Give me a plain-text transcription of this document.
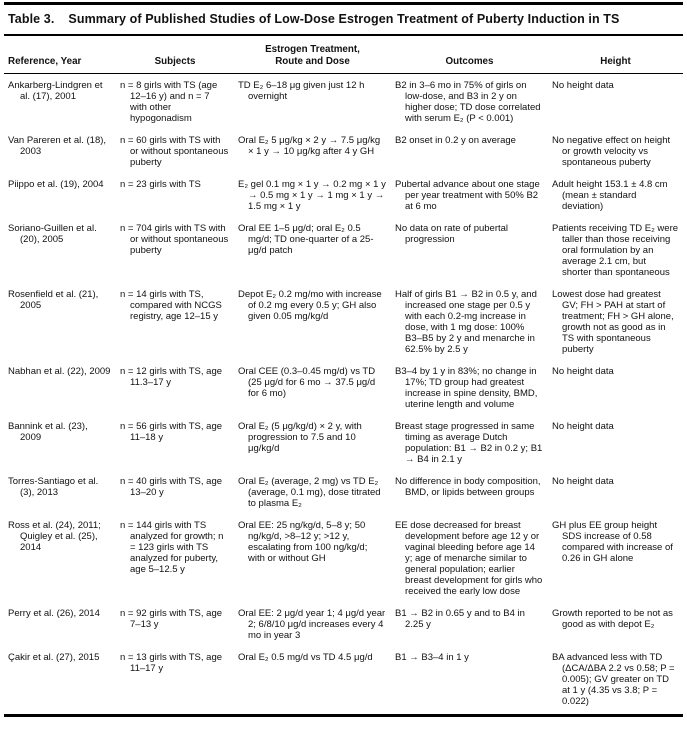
Table 3. Summary of Published Studies of Low-Dose Estrogen Treatment of Puberty Induction in TS
Reference, Year	Subjects	Estrogen Treatment, Route and Dose	Outcomes	Height
Ankarberg-Lindgren et al. (17), 2001	n = 8 girls with TS (age 12–16 y) and n = 7 with other hypogonadism	TD E₂ 6–18 μg given just 12 h overnight	B2 in 3–6 mo in 75% of girls on low-dose, and B3 in 2 y on higher dose; TD dose correlated with serum E₂ (P < 0.001)	No height data

Van Pareren et al. (18), 2003	n = 60 girls with TS with or without spontaneous puberty	Oral E₂ 5 μg/kg × 2 y → 7.5 μg/kg × 1 y → 10 μg/kg after 4 y GH	B2 onset in 0.2 y on average	No negative effect on height or growth velocity vs spontaneous puberty

Piippo et al. (19), 2004	n = 23 girls with TS	E₂ gel 0.1 mg × 1 y → 0.2 mg × 1 y → 0.5 mg × 1 y → 1 mg × 1 y → 1.5 mg × 1 y	Pubertal advance about one stage per year treatment with 50% B2 at 6 mo	Adult height 153.1 ± 4.8 cm (mean ± standard deviation)

Soriano-Guillen et al. (20), 2005	n = 704 girls with TS with or without spontaneous puberty	Oral EE 1–5 μg/d; oral E₂ 0.5 mg/d; TD one-quarter of a 25-μg/d patch	No data on rate of pubertal progression	Patients receiving TD E₂ were taller than those receiving oral formulation by an average 2.1 cm, but shorter than spontaneous

Rosenfield et al. (21), 2005	n = 14 girls with TS, compared with NCGS registry, age 12–15 y	Depot E₂ 0.2 mg/mo with increase of 0.2 mg every 0.5 y; GH also given 0.05 mg/kg/d	Half of girls B1 → B2 in 0.5 y, and increased one stage per 0.5 y with each 0.2-mg increase in dose, with 1 mg dose: 100% B3–B5 by 2 y and menarche in 62.5% by 2.5 y	Lowest dose had greatest GV; FH > PAH at start of treatment; FH > GH alone, growth not as good as in TS with spontaneous puberty

Nabhan et al. (22), 2009	n = 12 girls with TS, age 11.3–17 y	Oral CEE (0.3–0.45 mg/d) vs TD (25 μg/d for 6 mo → 37.5 μg/d for 6 mo)	B3–4 by 1 y in 83%; no change in 17%; TD group had greatest increase in spine density, BMD, uterine length and volume	No height data

Bannink et al. (23), 2009	n = 56 girls with TS, age 11–18 y	Oral E₂ (5 μg/kg/d) × 2 y, with progression to 7.5 and 10 μg/kg/d	Breast stage progressed in same timing as average Dutch population: B1 → B2 in 0.2 y; B1 → B4 in 2.1 y	No height data

Torres-Santiago et al. (3), 2013	n = 40 girls with TS, age 13–20 y	Oral E₂ (average, 2 mg) vs TD E₂ (average, 0.1 mg), dose titrated to plasma E₂	No difference in body composition, BMD, or lipids between groups	No height data

Ross et al. (24), 2011; Quigley et al. (25), 2014	n = 144 girls with TS analyzed for growth; n = 123 girls with TS analyzed for puberty, age 5–12.5 y	Oral EE: 25 ng/kg/d, 5–8 y; 50 ng/kg/d, >8–12 y; >12 y, escalating from 100 ng/kg/d; with or without GH	EE dose decreased for breast development before age 12 y or vaginal bleeding before age 14 y; age of menarche similar to general population; earlier breast development for girls who received the early low dose	GH plus EE group height SDS increase of 0.58 compared with increase of 0.26 in GH alone

Perry et al. (26), 2014	n = 92 girls with TS, age 7–13 y	Oral EE: 2 μg/d year 1; 4 μg/d year 2; 6/8/10 μg/d increases every 4 mo in year 3	B1 → B2 in 0.65 y and to B4 in 2.25 y	Growth reported to be not as good as with depot E₂

Çakir et al. (27), 2015	n = 13 girls with TS, age 11–17 y	Oral E₂ 0.5 mg/d vs TD 4.5 μg/d	B1 → B3–4 in 1 y	BA advanced less with TD (ΔCA/ΔBA 2.2 vs 0.58; P = 0.005); GV greater on TD at 1 y (4.35 vs 3.8; P = 0.022)
